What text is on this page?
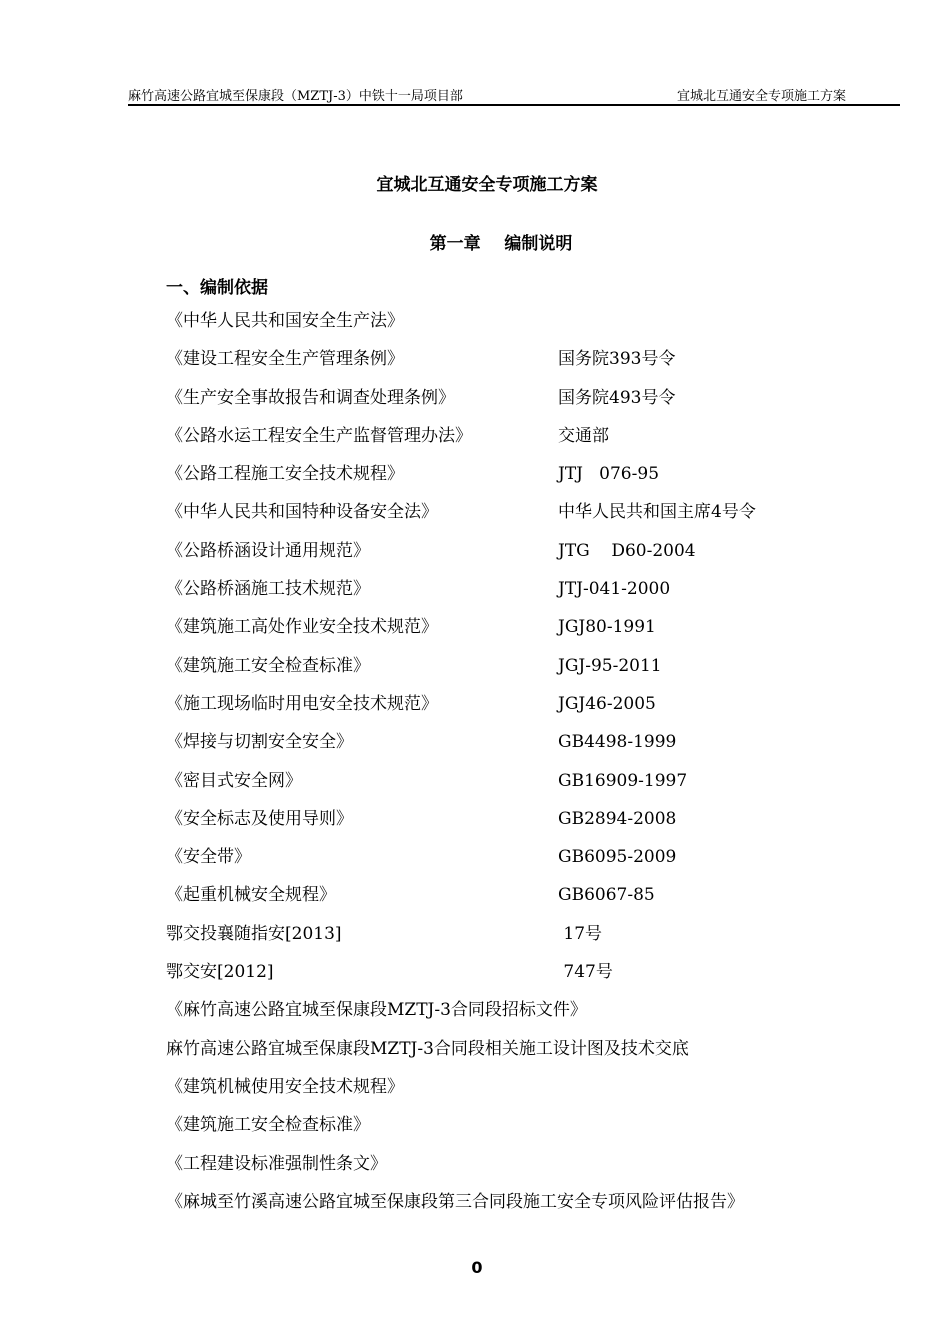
麻竹高速公路宜城至保康段（MZTJ-3）中铁十一局项目部	宜城北互通安全专项施工方案
宜城北互通安全专项施工方案
第一章    编制说明
一、编制依据
《中华人民共和国安全生产法》
《建设工程安全生产管理条例》	国务院393号令
《生产安全事故报告和调查处理条例》	国务院493号令
《公路水运工程安全生产监督管理办法》	交通部
《公路工程施工安全技术规程》	JTJ   076-95
《中华人民共和国特种设备安全法》	中华人民共和国主席4号令
《公路桥涵设计通用规范》	JTG    D60-2004
《公路桥涵施工技术规范》	JTJ-041-2000
《建筑施工高处作业安全技术规范》	JGJ80-1991
《建筑施工安全检查标准》	JGJ-95-2011
《施工现场临时用电安全技术规范》	JGJ46-2005
《焊接与切割安全安全》	GB4498-1999
《密目式安全网》	GB16909-1997
《安全标志及使用导则》	GB2894-2008
《安全带》	GB6095-2009
《起重机械安全规程》	GB6067-85
鄂交投襄随指安[2013]	17号
鄂交安[2012]	747号
《麻竹高速公路宜城至保康段MZTJ-3合同段招标文件》
麻竹高速公路宜城至保康段MZTJ-3合同段相关施工设计图及技术交底
《建筑机械使用安全技术规程》
《建筑施工安全检查标准》
《工程建设标准强制性条文》
《麻城至竹溪高速公路宜城至保康段第三合同段施工安全专项风险评估报告》
0
